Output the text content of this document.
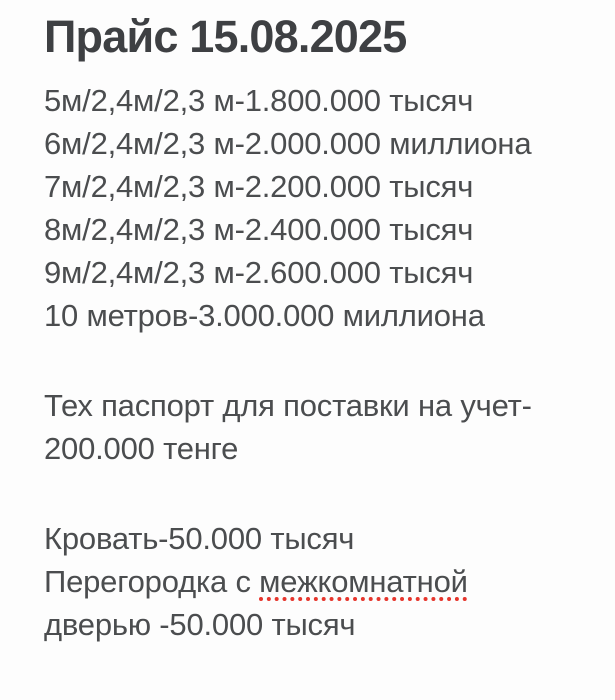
Прайс 15.08.2025
5м/2,4м/2,3 м-1.800.000 тысяч
6м/2,4м/2,3 м-2.000.000 миллиона
7м/2,4м/2,3 м-2.200.000 тысяч
8м/2,4м/2,3 м-2.400.000 тысяч
9м/2,4м/2,3 м-2.600.000 тысяч
10 метров-3.000.000 миллиона
Тех паспорт для поставки на учет-
200.000 тенге
Кровать-50.000 тысяч
Перегородка с межкомнатной
дверью -50.000 тысяч
